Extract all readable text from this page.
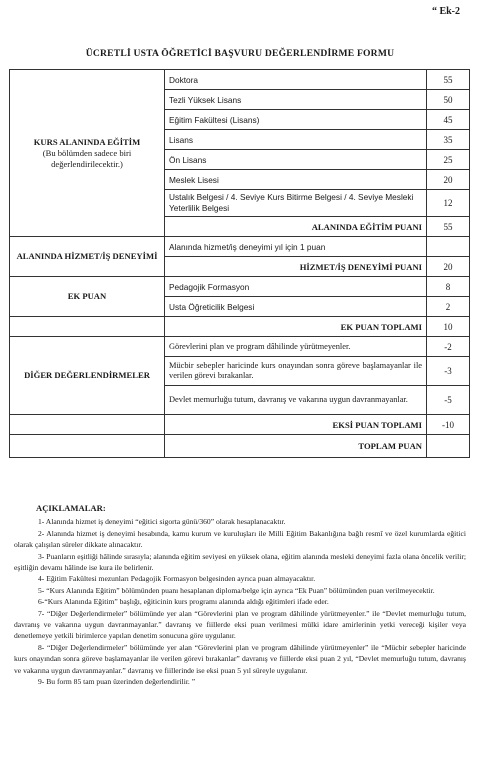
“ Ek-2
ÜCRETLİ USTA ÖĞRETİCİ BAŞVURU DEĞERLENDİRME FORMU
KURS ALANINDA EĞİTİM
(Bu bölümden sadece biri değerlendirilecektir.)	Doktora	55
	Tezli Yüksek Lisans	50
	Eğitim Fakültesi (Lisans)	45
	Lisans	35
	Ön Lisans	25
	Meslek Lisesi	20
	Ustalık Belgesi / 4. Seviye Kurs Bitirme Belgesi / 4. Seviye Mesleki Yeterlilik Belgesi	12
	ALANINDA EĞİTİM PUANI	55
ALANINDA HİZMET/İŞ DENEYİMİ	Alanında hizmet/iş deneyimi yıl için 1 puan	
	HİZMET/İŞ DENEYİMİ PUANI	20
EK PUAN	Pedagojik Formasyon	8
	Usta Öğreticilik Belgesi	2
	EK PUAN TOPLAMI	10
DİĞER DEĞERLENDİRMELER	Görevlerini plan ve program dâhilinde yürütmeyenler.	-2
	Mücbir sebepler haricinde kurs onayından sonra göreve başlamayanlar ile verilen görevi bırakanlar.	-3
	Devlet memurluğu tutum, davranış ve vakarına uygun davranmayanlar.	-5
	EKSİ PUAN TOPLAMI	-10
	TOPLAM PUAN	
AÇIKLAMALAR:

1- Alanında hizmet iş deneyimi “eğitici sigorta günü/360” olarak hesaplanacaktır.

2- Alanında hizmet iş deneyimi hesabında, kamu kurum ve kuruluşları ile Milli Eğitim Bakanlığına bağlı resmî ve özel kurumlarda eğitici olarak çalışılan süreler dikkate alınacaktır.

3- Puanların eşitliği hâlinde sırasıyla; alanında eğitim seviyesi en yüksek olana, eğitim alanında mesleki deneyimi fazla olana öncelik verilir; eşitliğin devamı hâlinde ise kura ile belirlenir.

4- Eğitim Fakültesi mezunları Pedagojik Formasyon belgesinden ayrıca puan almayacaktır.

5- “Kurs Alanında Eğitim” bölümünden puanı hesaplanan diploma/belge için ayrıca “Ek Puan” bölümünden puan verilmeyecektir.

6-“Kurs Alanında Eğitim” başlığı, eğiticinin kurs programı alanında aldığı eğitimleri ifade eder.

7- “Diğer Değerlendirmeler” bölümünde yer alan “Görevlerini plan ve program dâhilinde yürütmeyenler.” ile “Devlet memurluğu tutum, davranış ve vakarına uygun davranmayanlar.” davranış ve fiillerde eksi puan verilmesi mülki idare amirlerinin yetki vereceği kişiler veya denetlemeye yetkili birimlerce yapılan denetim sonucuna göre uygulanır.

8- “Diğer Değerlendirmeler” bölümünde yer alan “Görevlerini plan ve program dâhilinde yürütmeyenler” ile “Mücbir sebepler haricinde kurs onayından sonra göreve başlamayanlar ile verilen görevi bırakanlar” davranış ve fiillerde eksi puan 2 yıl, “Devlet memurluğu tutum, davranış ve vakarına uygun davranmayanlar.” davranış ve fiillerinde ise eksi puan 5 yıl süreyle uygulanır.

9- Bu form 85 tam puan üzerinden değerlendirilir. ”
